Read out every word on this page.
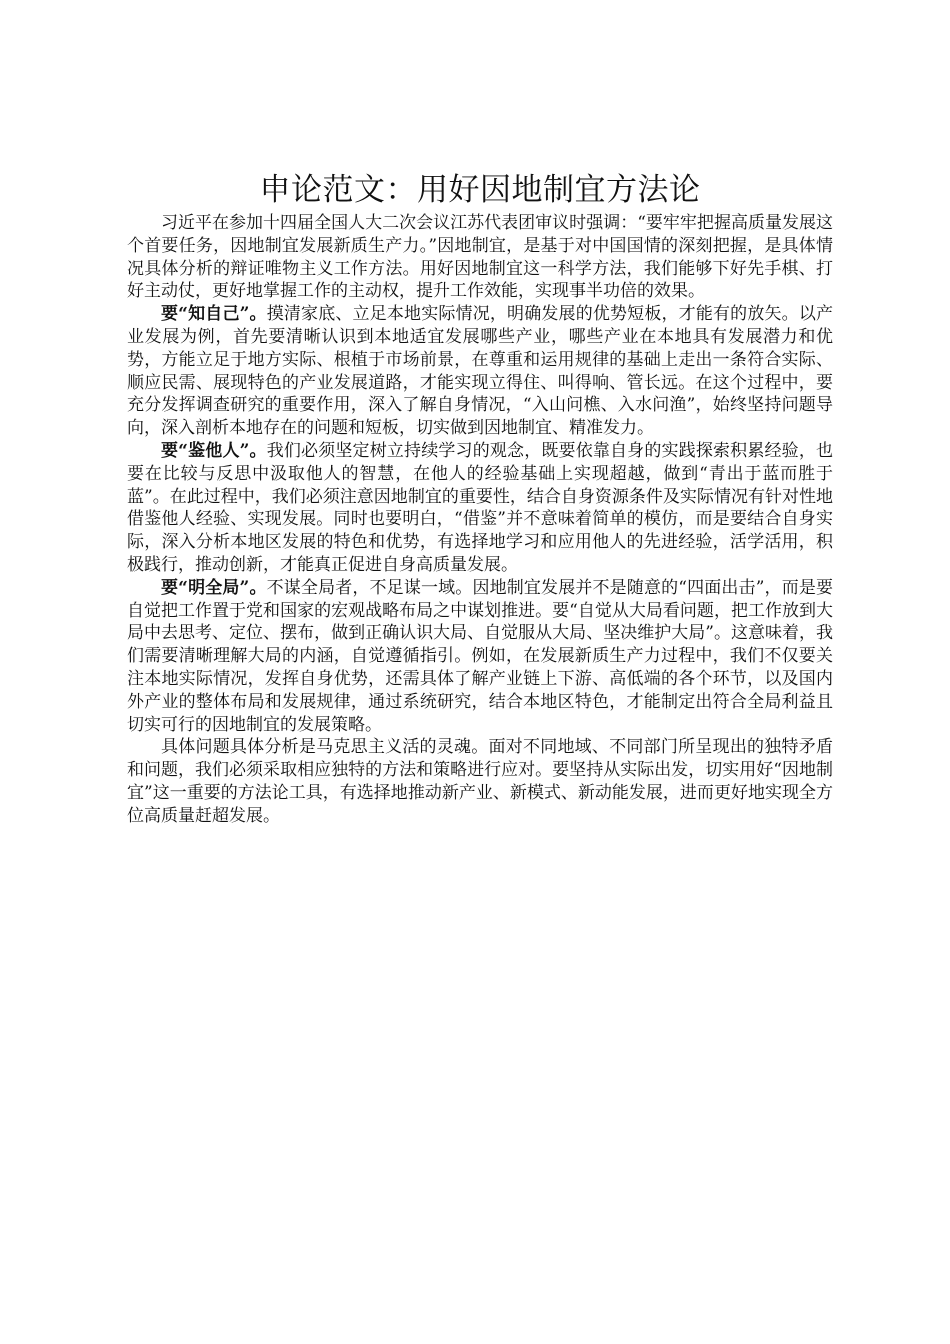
申论范文：用好因地制宜方法论

习近平在参加十四届全国人大二次会议江苏代表团审议时强调：“要牢牢把握高质量发展这个首要任务，因地制宜发展新质生产力。”因地制宜，是基于对中国国情的深刻把握，是具体情况具体分析的辩证唯物主义工作方法。用好因地制宜这一科学方法，我们能够下好先手棋、打好主动仗，更好地掌握工作的主动权，提升工作效能，实现事半功倍的效果。

要“知自己”。摸清家底、立足本地实际情况，明确发展的优势短板，才能有的放矢。以产业发展为例，首先要清晰认识到本地适宜发展哪些产业，哪些产业在本地具有发展潜力和优势，方能立足于地方实际、根植于市场前景，在尊重和运用规律的基础上走出一条符合实际、顺应民需、展现特色的产业发展道路，才能实现立得住、叫得响、管长远。在这个过程中，要充分发挥调查研究的重要作用，深入了解自身情况，“入山问樵、入水问渔”，始终坚持问题导向，深入剖析本地存在的问题和短板，切实做到因地制宜、精准发力。

要“鉴他人”。我们必须坚定树立持续学习的观念，既要依靠自身的实践探索积累经验，也要在比较与反思中汲取他人的智慧，在他人的经验基础上实现超越，做到“青出于蓝而胜于蓝”。在此过程中，我们必须注意因地制宜的重要性，结合自身资源条件及实际情况有针对性地借鉴他人经验、实现发展。同时也要明白，“借鉴”并不意味着简单的模仿，而是要结合自身实际，深入分析本地区发展的特色和优势，有选择地学习和应用他人的先进经验，活学活用，积极践行，推动创新，才能真正促进自身高质量发展。

要“明全局”。不谋全局者，不足谋一域。因地制宜发展并不是随意的“四面出击”，而是要自觉把工作置于党和国家的宏观战略布局之中谋划推进。要“自觉从大局看问题，把工作放到大局中去思考、定位、摆布，做到正确认识大局、自觉服从大局、坚决维护大局”。这意味着，我们需要清晰理解大局的内涵，自觉遵循指引。例如，在发展新质生产力过程中，我们不仅要关注本地实际情况，发挥自身优势，还需具体了解产业链上下游、高低端的各个环节，以及国内外产业的整体布局和发展规律，通过系统研究，结合本地区特色，才能制定出符合全局利益且切实可行的因地制宜的发展策略。

具体问题具体分析是马克思主义活的灵魂。面对不同地域、不同部门所呈现出的独特矛盾和问题，我们必须采取相应独特的方法和策略进行应对。要坚持从实际出发，切实用好“因地制宜”这一重要的方法论工具，有选择地推动新产业、新模式、新动能发展，进而更好地实现全方位高质量赶超发展。
